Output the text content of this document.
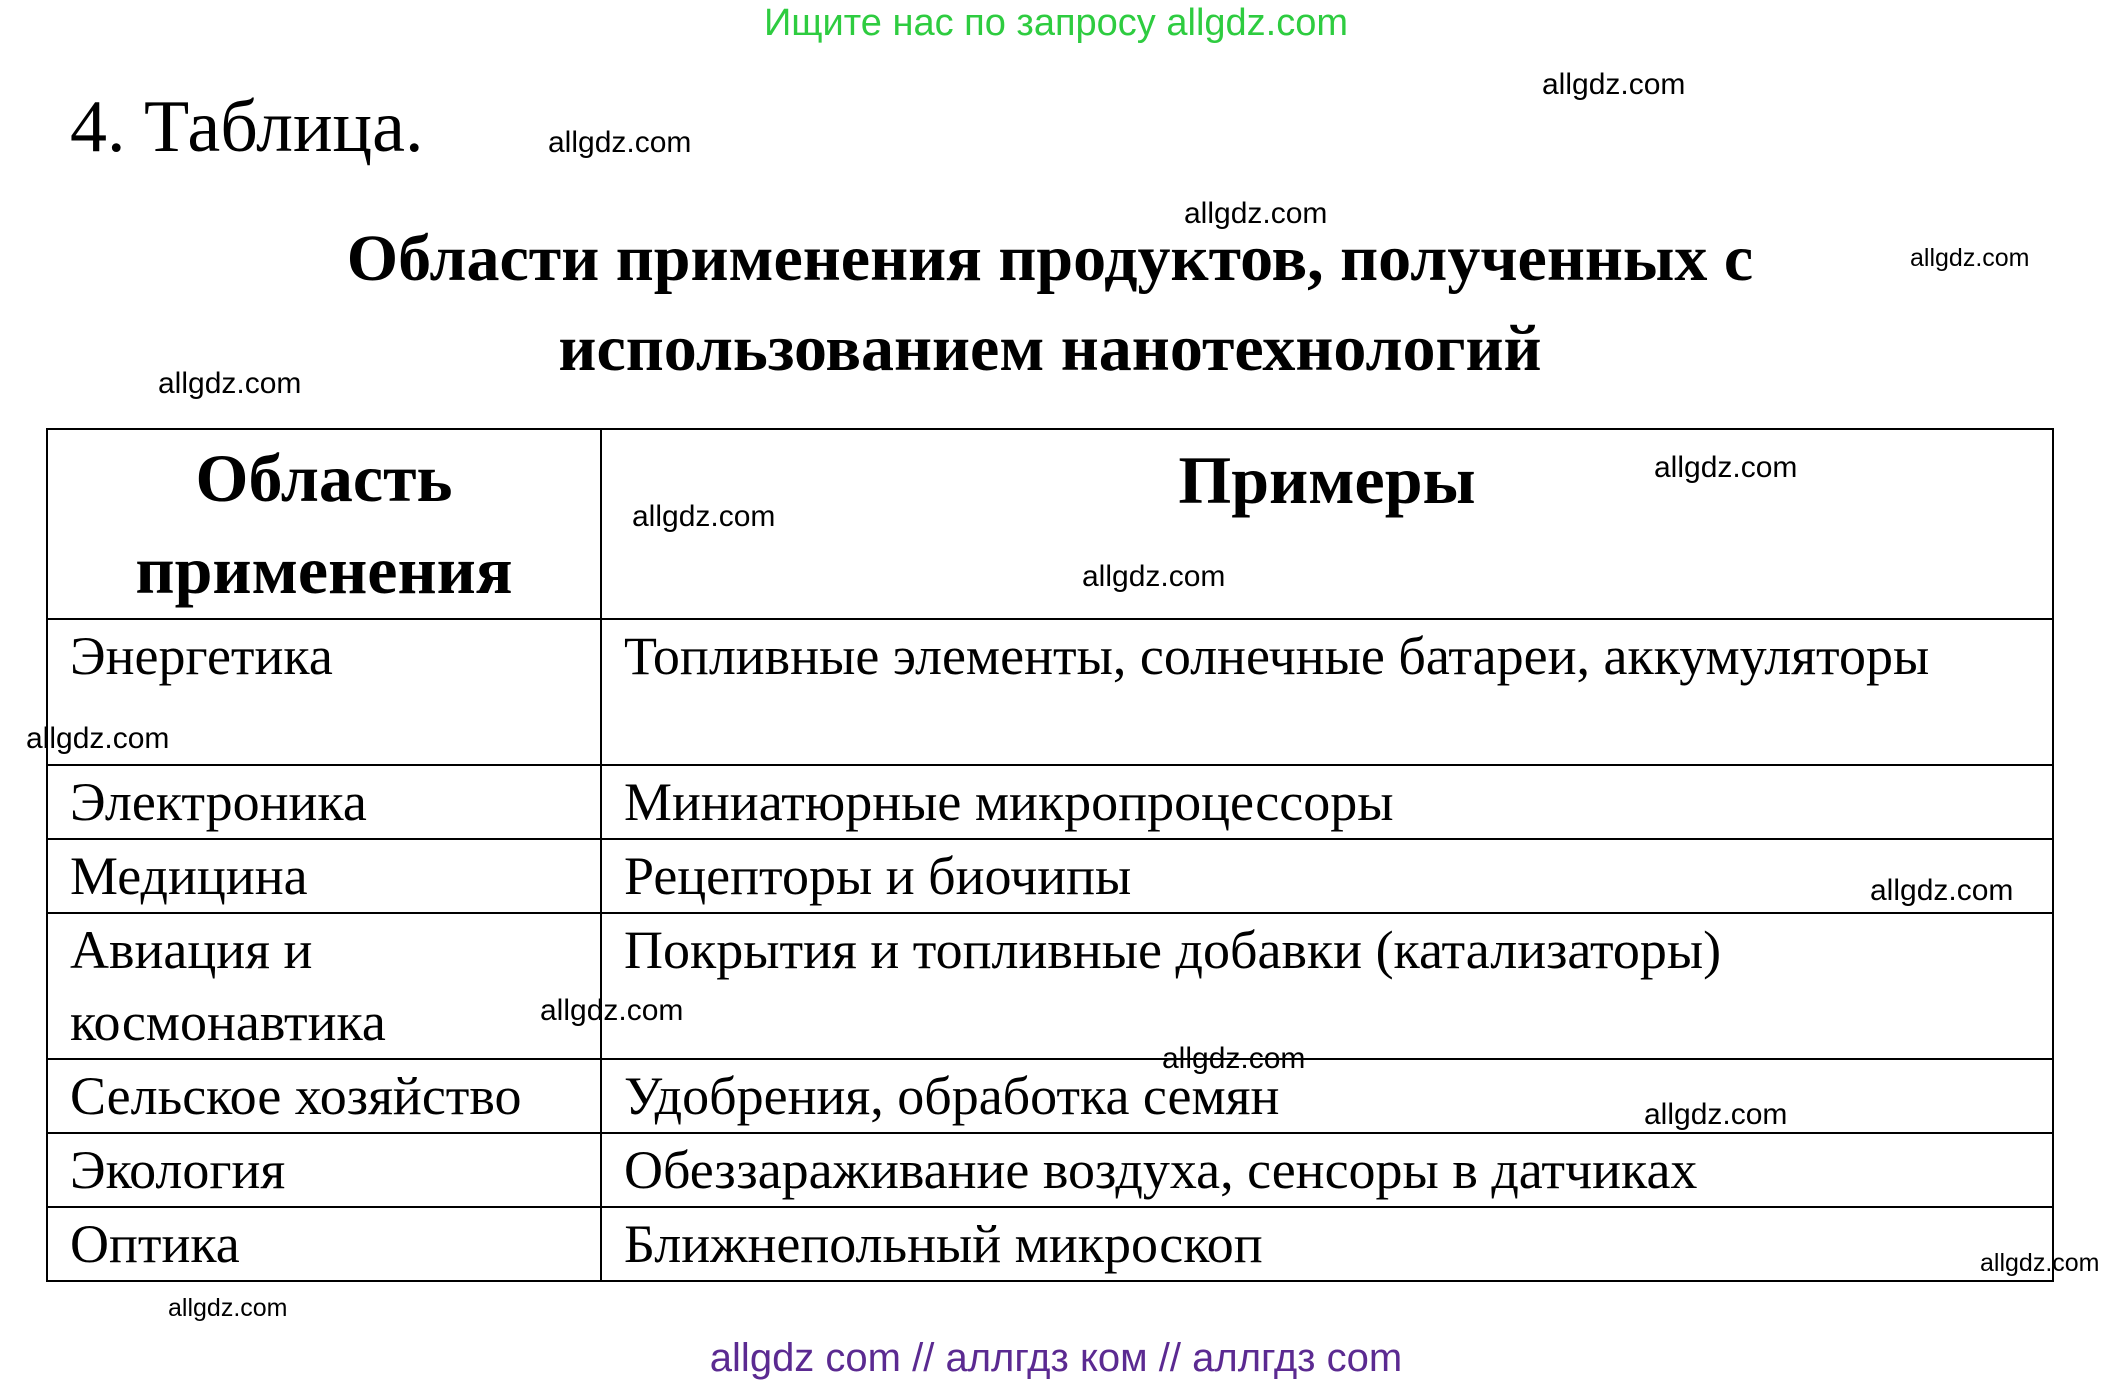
Ищите нас по запросу allgdz.com
4. Таблица.
Области применения продуктов, полученных с использованием нанотехнологий
Область применения	Примеры
Энергетика	Топливные элементы, солнечные батареи, аккумуляторы
Электроника	Миниатюрные микропроцессоры
Медицина	Рецепторы и биочипы
Авиация и космонавтика	Покрытия и топливные добавки (катализаторы)
Сельское хозяйство	Удобрения, обработка семян
Экология	Обеззараживание воздуха, сенсоры в датчиках
Оптика	Ближнепольный микроскоп
allgdz.com
allgdz.com
allgdz.com
allgdz.com
allgdz.com
allgdz.com
allgdz.com
allgdz.com
allgdz.com
allgdz.com
allgdz.com
allgdz.com
allgdz.com
allgdz.com
allgdz.com
allgdz com // аллгдз ком // аллгдз com
